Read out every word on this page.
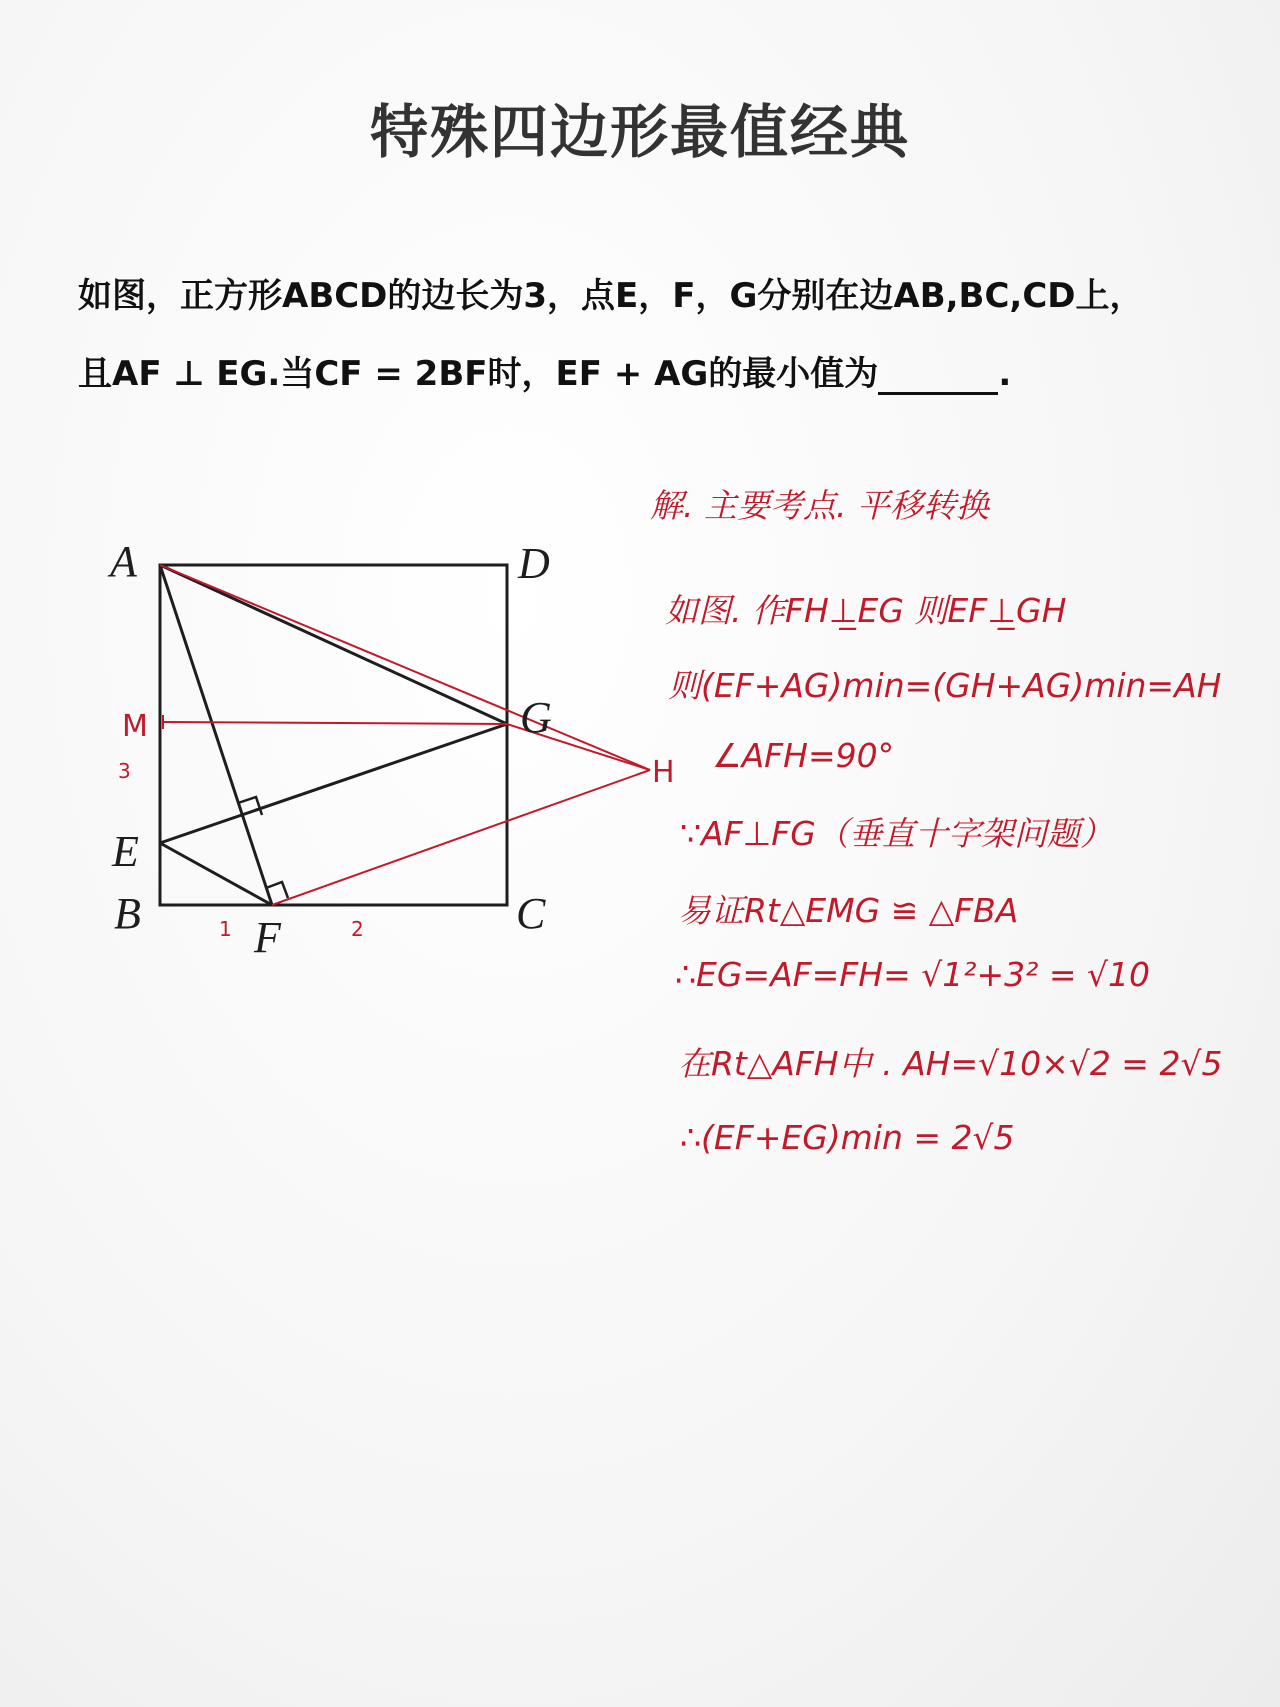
特殊四边形最值经典
如图，正方形ABCD的边长为3，点E，F，G分别在边AB,BC,CD上，
且AF ⊥ EG.当CF = 2BF时，EF + AG的最小值为	.
A	D
G
E
B	F	C
M
H
1	2
3
解. 主要考点. 平移转换
如图. 作FH⊥̲EG 则EF⊥̲GH
则(EF+AG)min=(GH+AG)min=AH
∠AFH=90°
∵AF⊥FG（垂直十字架问题）
易证Rt△EMG ≌ △FBA
∴EG=AF=FH= √1²+3² = √10
在Rt△AFH中 . AH=√10×√2 = 2√5
∴(EF+EG)min = 2√5
